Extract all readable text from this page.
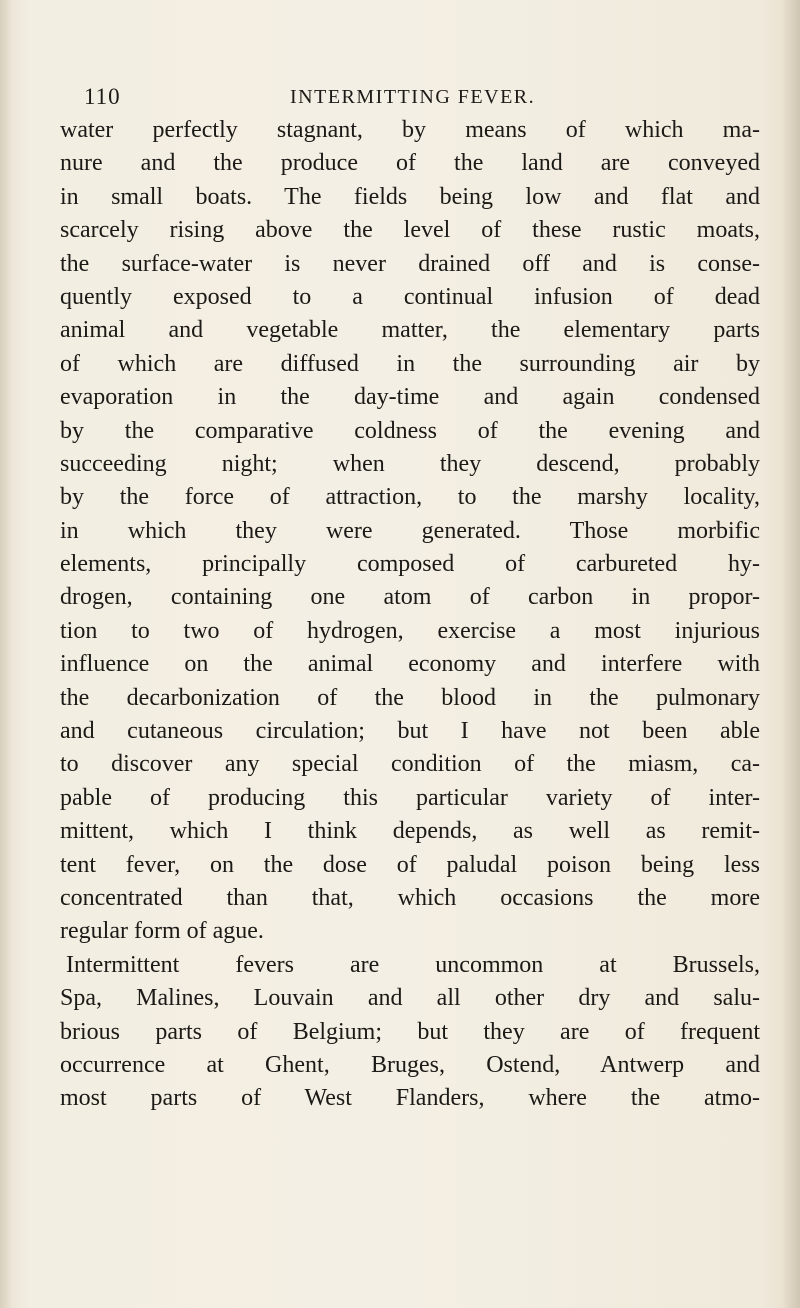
110	INTERMITTING FEVER.
water perfectly stagnant, by means of which ma-
nure and the produce of the land are conveyed
in small boats. The fields being low and flat and
scarcely rising above the level of these rustic moats,
the surface-water is never drained off and is conse-
quently exposed to a continual infusion of dead
animal and vegetable matter, the elementary parts
of which are diffused in the surrounding air by
evaporation in the day-time and again condensed
by the comparative coldness of the evening and
succeeding night; when they descend, probably
by the force of attraction, to the marshy locality,
in which they were generated. Those morbific
elements, principally composed of carbureted hy-
drogen, containing one atom of carbon in propor-
tion to two of hydrogen, exercise a most injurious
influence on the animal economy and interfere with
the decarbonization of the blood in the pulmonary
and cutaneous circulation; but I have not been able
to discover any special condition of the miasm, ca-
pable of producing this particular variety of inter-
mittent, which I think depends, as well as remit-
tent fever, on the dose of paludal poison being less
concentrated than that, which occasions the more
regular form of ague.
Intermittent fevers are uncommon at Brussels,
Spa, Malines, Louvain and all other dry and salu-
brious parts of Belgium; but they are of frequent
occurrence at Ghent, Bruges, Ostend, Antwerp and
most parts of West Flanders, where the atmo-
